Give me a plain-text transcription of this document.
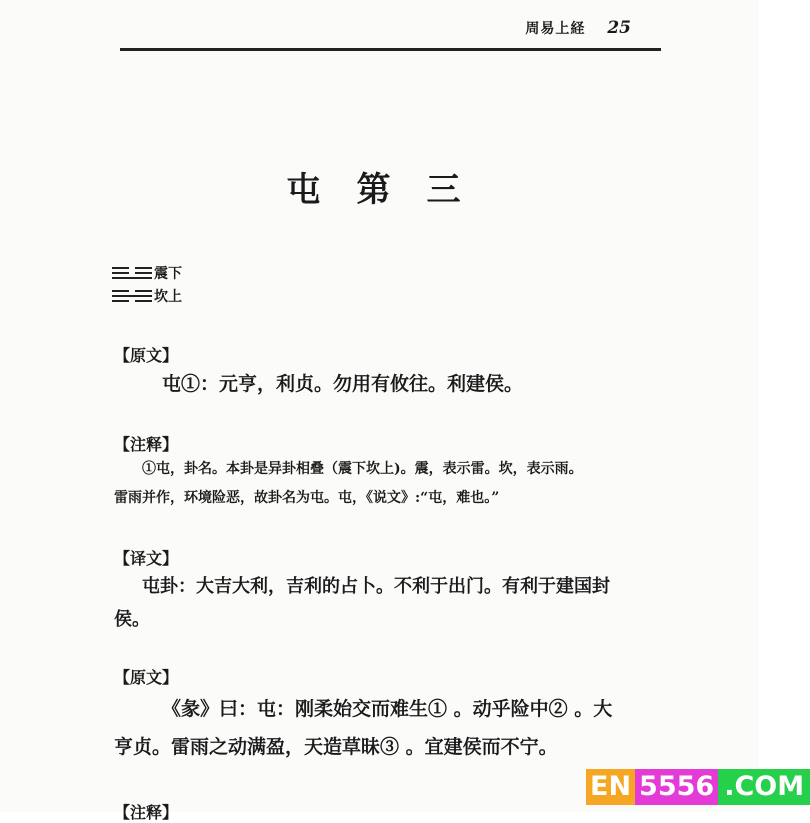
周易上経 25
屯第三
震下
坎上
【原文】
屯①：元亨，利贞。勿用有攸往。利建侯。
【注释】
①屯，卦名。本卦是异卦相叠（震下坎上)。震，表示雷。坎，表示雨。
雷雨并作，环境险恶，故卦名为屯。屯，《说文》:“屯，难也。”
【译文】
屯卦：大吉大利，吉利的占卜。不利于出门。有利于建国封
侯。
【原文】
《彖》曰：屯：刚柔始交而难生① 。动乎险中② 。大
亨贞。雷雨之动满盈，天造草昧③ 。宜建侯而不宁。
【注释】
EN 5556 .COM
